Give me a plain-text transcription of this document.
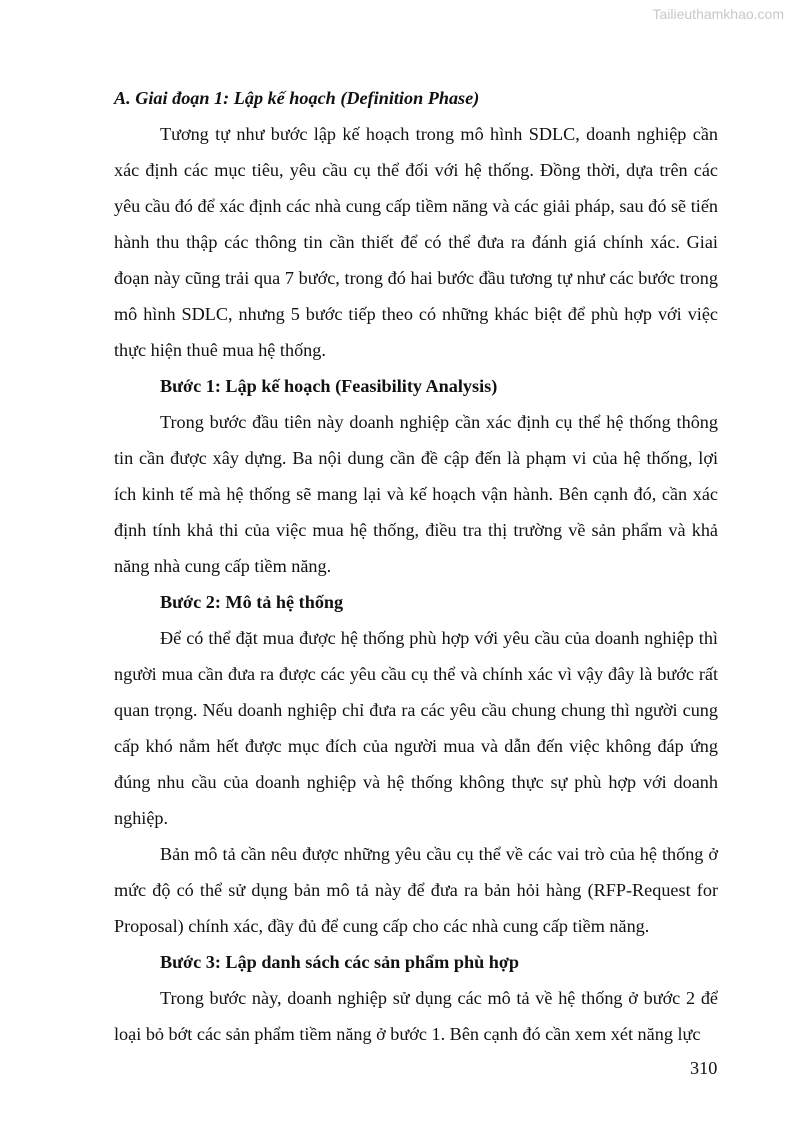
Tailieuthamkhao.com

A. Giai đoạn 1: Lập kế hoạch (Definition Phase)

Tương tự như bước lập kế hoạch trong mô hình SDLC, doanh nghiệp cần xác định các mục tiêu, yêu cầu cụ thể đối với hệ thống. Đồng thời, dựa trên các yêu cầu đó để xác định các nhà cung cấp tiềm năng và các giải pháp, sau đó sẽ tiến hành thu thập các thông tin cần thiết để có thể đưa ra đánh giá chính xác. Giai đoạn này cũng trải qua 7 bước, trong đó hai bước đầu tương tự như các bước trong mô hình SDLC, nhưng 5 bước tiếp theo có những khác biệt để phù hợp với việc thực hiện thuê mua hệ thống.

Bước 1: Lập kế hoạch (Feasibility Analysis)

Trong bước đầu tiên này doanh nghiệp cần xác định cụ thể hệ thống thông tin cần được xây dựng. Ba nội dung cần đề cập đến là phạm vi của hệ thống, lợi ích kinh tế mà hệ thống sẽ mang lại và kế hoạch vận hành. Bên cạnh đó, cần xác định tính khả thi của việc mua hệ thống, điều tra thị trường về sản phẩm và khả năng nhà cung cấp tiềm năng.

Bước 2: Mô tả hệ thống

Để có thể đặt mua được hệ thống phù hợp với yêu cầu của doanh nghiệp thì người mua cần đưa ra được các yêu cầu cụ thể và chính xác vì vậy đây là bước rất quan trọng. Nếu doanh nghiệp chỉ đưa ra các yêu cầu chung chung thì người cung cấp khó nắm hết được mục đích của người mua và dẫn đến việc không đáp ứng đúng nhu cầu của doanh nghiệp và hệ thống không thực sự phù hợp với doanh nghiệp.

Bản mô tả cần nêu được những yêu cầu cụ thể về các vai trò của hệ thống ở mức độ có thể sử dụng bản mô tả này để đưa ra bản hỏi hàng (RFP-Request for Proposal) chính xác, đầy đủ để cung cấp cho các nhà cung cấp tiềm năng.

Bước 3: Lập danh sách các sản phẩm phù hợp

Trong bước này, doanh nghiệp sử dụng các mô tả về hệ thống ở bước 2 để loại bỏ bớt các sản phẩm tiềm năng ở bước 1. Bên cạnh đó cần xem xét năng lực

310
